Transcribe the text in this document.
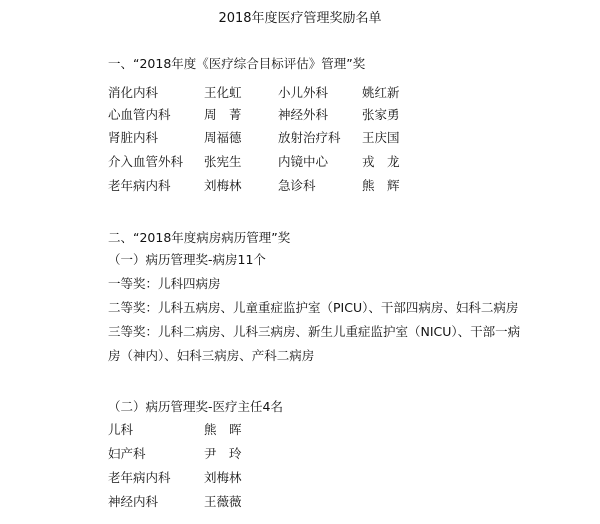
2018年度医疗管理奖励名单
一、“2018年度《医疗综合目标评估》管理”奖
消化内科	王化虹	小儿外科	姚红新
心血管内科	周　菁	神经外科	张家勇
肾脏内科	周福德	放射治疗科 王庆国
介入血管外科 张宪生	内镜中心	戎　龙
老年病内科	刘梅林	急诊科	熊　辉
二、“2018年度病房病历管理”奖
（一）病历管理奖-病房11个
一等奖：儿科四病房
二等奖：儿科五病房、儿童重症监护室（PICU）、干部四病房、妇科二病房
三等奖：儿科二病房、儿科三病房、新生儿重症监护室（NICU）、干部一病
房（神内）、妇科三病房、产科二病房
（二）病历管理奖-医疗主任4名
儿科	熊　晖
妇产科	尹　玲
老年病内科	刘梅林
神经内科	王薇薇
